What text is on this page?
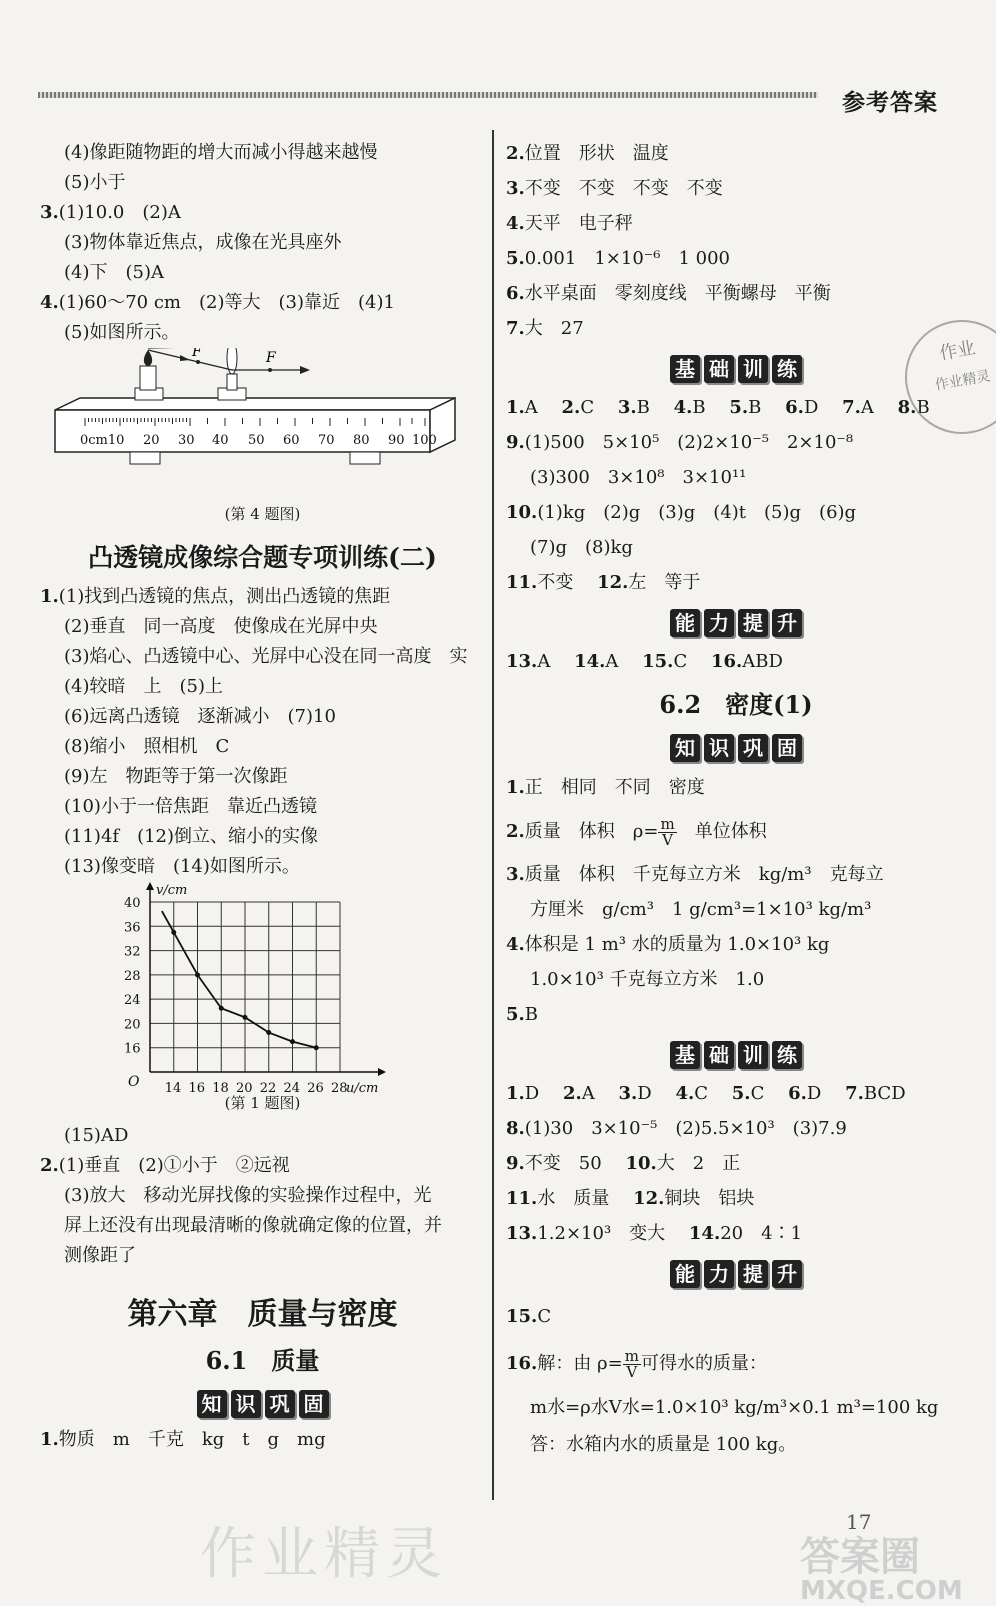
参考答案
(4)像距随物距的增大而减小得越来越慢
(5)小于
3.(1)10.0　(2)A
(3)物体靠近焦点，成像在光具座外
(4)下　(5)A
4.(1)60～70 cm　(2)等大　(3)靠近　(4)1
(5)如图所示。
0cm10 20 30 40 50 60 70 80 90 100
F	F
(第 4 题图)
凸透镜成像综合题专项训练(二)
1.(1)找到凸透镜的焦点，测出凸透镜的焦距
(2)垂直　同一高度　使像成在光屏中央
(3)焰心、凸透镜中心、光屏中心没在同一高度　实
(4)较暗　上　(5)上
(6)远离凸透镜　逐渐减小　(7)10
(8)缩小　照相机　C
(9)左　物距等于第一次像距
(10)小于一倍焦距　靠近凸透镜
(11)4f　(12)倒立、缩小的实像
(13)像变暗　(14)如图所示。
14 16 18 20 22 24 26 28
16
20
24
28
32
36
40
O	u/cm
v/cm
(第 1 题图)
(15)AD
2.(1)垂直　(2)①小于　②远视
(3)放大　移动光屏找像的实验操作过程中，光
屏上还没有出现最清晰的像就确定像的位置，并
测像距了
第六章　质量与密度
6.1　质量
知 识 巩 固
1.物质　m　千克　kg　t　g　mg
2.位置　形状　温度
3.不变　不变　不变　不变
4.天平　电子秤
5.0.001　1×10⁻⁶　1 000
6.水平桌面　零刻度线　平衡螺母　平衡
7.大　27
基 础 训 练
1.A　 2.C　 3.B　 4.B　 5.B　 6.D　 7.A　 8.B
9.(1)500　5×10⁵　(2)2×10⁻⁵　2×10⁻⁸
(3)300　3×10⁸　3×10¹¹
10.(1)kg　(2)g　(3)g　(4)t　(5)g　(6)g
(7)g　(8)kg
11.不变　 12.左　等于
能 力 提 升
13.A　 14.A　 15.C　 16.ABD
6.2　密度(1)
知 识 巩 固
1.正　相同　不同　密度
2.质量　体积　$\rho= \frac{m}{V}$ 　单位体积
3.质量　体积　千克每立方米　kg/m³　克每立
方厘米　g/cm³　1 g/cm³=1×10³ kg/m³
4.体积是 1 m³ 水的质量为 1.0×10³ kg
1.0×10³ 千克每立方米　1.0
5.B
基 础 训 练
1.D　 2.A　 3.D　 4.C　 5.C　 6.D　 7.BCD
8.(1)30　3×10⁻⁵　(2)5.5×10³　(3)7.9
9.不变　50　 10.大　2　正
11.水　质量　 12.铜块　铝块
13.1.2×10³　变大　 14.20　4∶1
能 力 提 升
15.C
16.解：由 $\rho= \frac{m}{V}$ 可得水的质量：
m水=ρ水V水=1.0×10³ kg/m³×0.1 m³=100 kg
答：水箱内水的质量是 100 kg。
作业
作业精灵
作业精灵	答案圈
MXQE.COM
17
